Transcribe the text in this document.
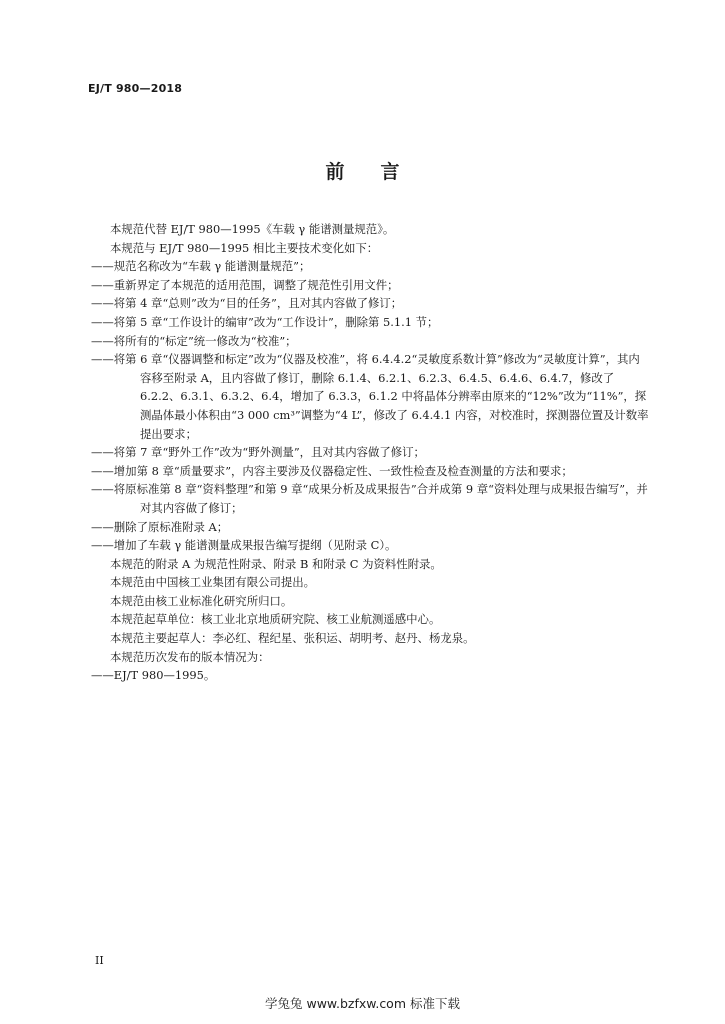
EJ/T 980—2018
前 言
本规范代替 EJ/T 980—1995《车载 γ 能谱测量规范》。
本规范与 EJ/T 980—1995 相比主要技术变化如下：
——规范名称改为“车载 γ 能谱测量规范”；
——重新界定了本规范的适用范围，调整了规范性引用文件；
——将第 4 章“总则”改为“目的任务”，且对其内容做了修订；
——将第 5 章“工作设计的编审”改为“工作设计”，删除第 5.1.1 节；
——将所有的“标定”统一修改为“校准”；
——将第 6 章“仪器调整和标定”改为“仪器及校准”，将 6.4.4.2“灵敏度系数计算”修改为“灵敏度计算”，其内容移至附录 A，且内容做了修订，删除 6.1.4、6.2.1、6.2.3、6.4.5、6.4.6、6.4.7，修改了 6.2.2、6.3.1、6.3.2、6.4，增加了 6.3.3，6.1.2 中将晶体分辨率由原来的“12%”改为“11%”，探测晶体最小体积由“3 000 cm³”调整为“4 L”，修改了 6.4.4.1 内容，对校准时，探测器位置及计数率提出要求；
——将第 7 章“野外工作”改为“野外测量”，且对其内容做了修订；
——增加第 8 章“质量要求”，内容主要涉及仪器稳定性、一致性检查及检查测量的方法和要求；
——将原标准第 8 章“资料整理”和第 9 章“成果分析及成果报告”合并成第 9 章“资料处理与成果报告编写”，并对其内容做了修订；
——删除了原标准附录 A；
——增加了车载 γ 能谱测量成果报告编写提纲（见附录 C）。
本规范的附录 A 为规范性附录、附录 B 和附录 C 为资料性附录。
本规范由中国核工业集团有限公司提出。
本规范由核工业标准化研究所归口。
本规范起草单位：核工业北京地质研究院、核工业航测遥感中心。
本规范主要起草人：李必红、程纪星、张积运、胡明考、赵丹、杨龙泉。
本规范历次发布的版本情况为：
——EJ/T 980—1995。
II
学兔兔 www.bzfxw.com 标准下载
